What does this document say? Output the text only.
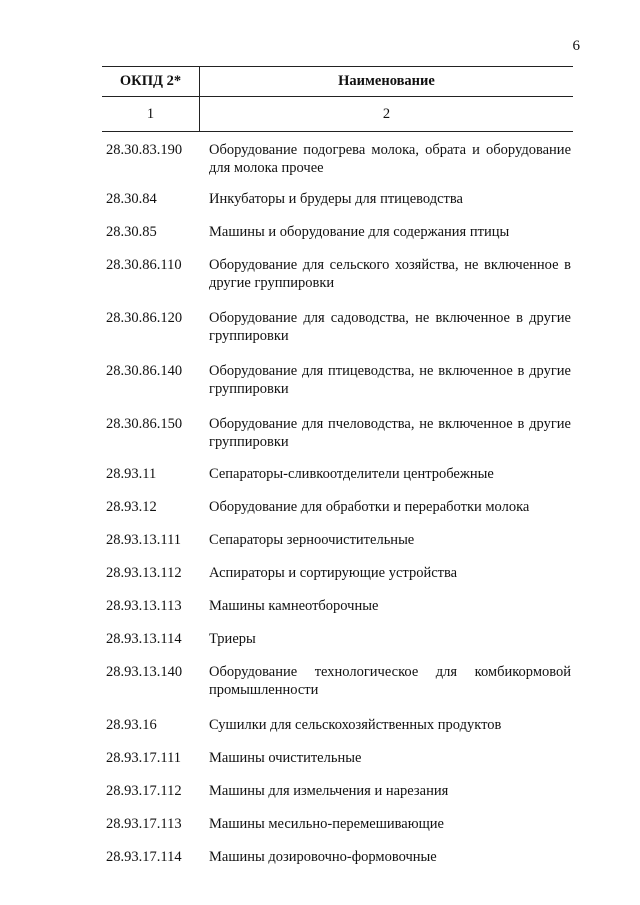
6
ОКПД 2*	Наименование
1	2
28.30.83.190	Оборудование подогрева молока, обрата и оборудование для молока прочее
28.30.84	Инкубаторы и брудеры для птицеводства
28.30.85	Машины и оборудование для содержания птицы
28.30.86.110	Оборудование для сельского хозяйства, не включенное в другие группировки
28.30.86.120	Оборудование для садоводства, не включенное в другие группировки
28.30.86.140	Оборудование для птицеводства, не включенное в другие группировки
28.30.86.150	Оборудование для пчеловодства, не включенное в другие группировки
28.93.11	Сепараторы-сливкоотделители центробежные
28.93.12	Оборудование для обработки и переработки молока
28.93.13.111	Сепараторы зерноочистительные
28.93.13.112	Аспираторы и сортирующие устройства
28.93.13.113	Машины камнеотборочные
28.93.13.114	Триеры
28.93.13.140	Оборудование технологическое для комбикормовой промышленности
28.93.16	Сушилки для сельскохозяйственных продуктов
28.93.17.111	Машины очистительные
28.93.17.112	Машины для измельчения и нарезания
28.93.17.113	Машины месильно-перемешивающие
28.93.17.114	Машины дозировочно-формовочные
